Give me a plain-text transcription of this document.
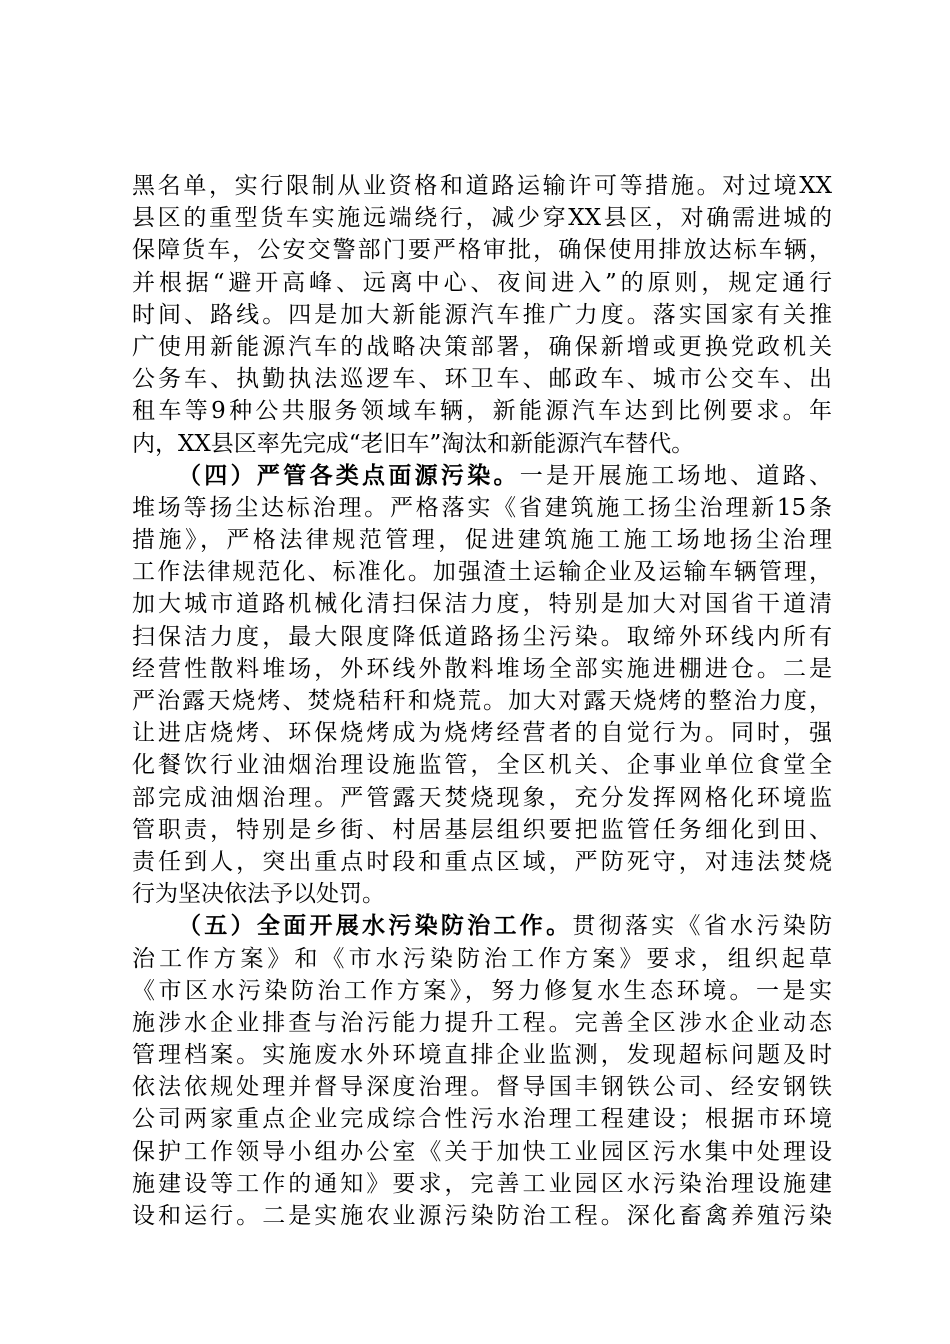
黑名单，实行限制从业资格和道路运输许可等措施。对过境XX
县区的重型货车实施远端绕行，减少穿XX县区，对确需进城的
保障货车，公安交警部门要严格审批，确保使用排放达标车辆，
并根据“避开高峰、远离中心、夜间进入”的原则，规定通行
时间、路线。四是加大新能源汽车推广力度。落实国家有关推
广使用新能源汽车的战略决策部署，确保新增或更换党政机关
公务车、执勤执法巡逻车、环卫车、邮政车、城市公交车、出
租车等9种公共服务领域车辆，新能源汽车达到比例要求。年
内，XX县区率先完成“老旧车”淘汰和新能源汽车替代。
（四）严管各类点面源污染。一是开展施工场地、道路、
堆场等扬尘达标治理。严格落实《省建筑施工扬尘治理新15条
措施》，严格法律规范管理，促进建筑施工施工场地扬尘治理
工作法律规范化、标准化。加强渣土运输企业及运输车辆管理，
加大城市道路机械化清扫保洁力度，特别是加大对国省干道清
扫保洁力度，最大限度降低道路扬尘污染。取缔外环线内所有
经营性散料堆场，外环线外散料堆场全部实施进棚进仓。二是
严治露天烧烤、焚烧秸秆和烧荒。加大对露天烧烤的整治力度，
让进店烧烤、环保烧烤成为烧烤经营者的自觉行为。同时，强
化餐饮行业油烟治理设施监管，全区机关、企事业单位食堂全
部完成油烟治理。严管露天焚烧现象，充分发挥网格化环境监
管职责，特别是乡街、村居基层组织要把监管任务细化到田、
责任到人，突出重点时段和重点区域，严防死守，对违法焚烧
行为坚决依法予以处罚。
（五）全面开展水污染防治工作。贯彻落实《省水污染防
治工作方案》和《市水污染防治工作方案》要求，组织起草
《市区水污染防治工作方案》，努力修复水生态环境。一是实
施涉水企业排查与治污能力提升工程。完善全区涉水企业动态
管理档案。实施废水外环境直排企业监测，发现超标问题及时
依法依规处理并督导深度治理。督导国丰钢铁公司、经安钢铁
公司两家重点企业完成综合性污水治理工程建设；根据市环境
保护工作领导小组办公室《关于加快工业园区污水集中处理设
施建设等工作的通知》要求，完善工业园区水污染治理设施建
设和运行。二是实施农业源污染防治工程。深化畜禽养殖污染
